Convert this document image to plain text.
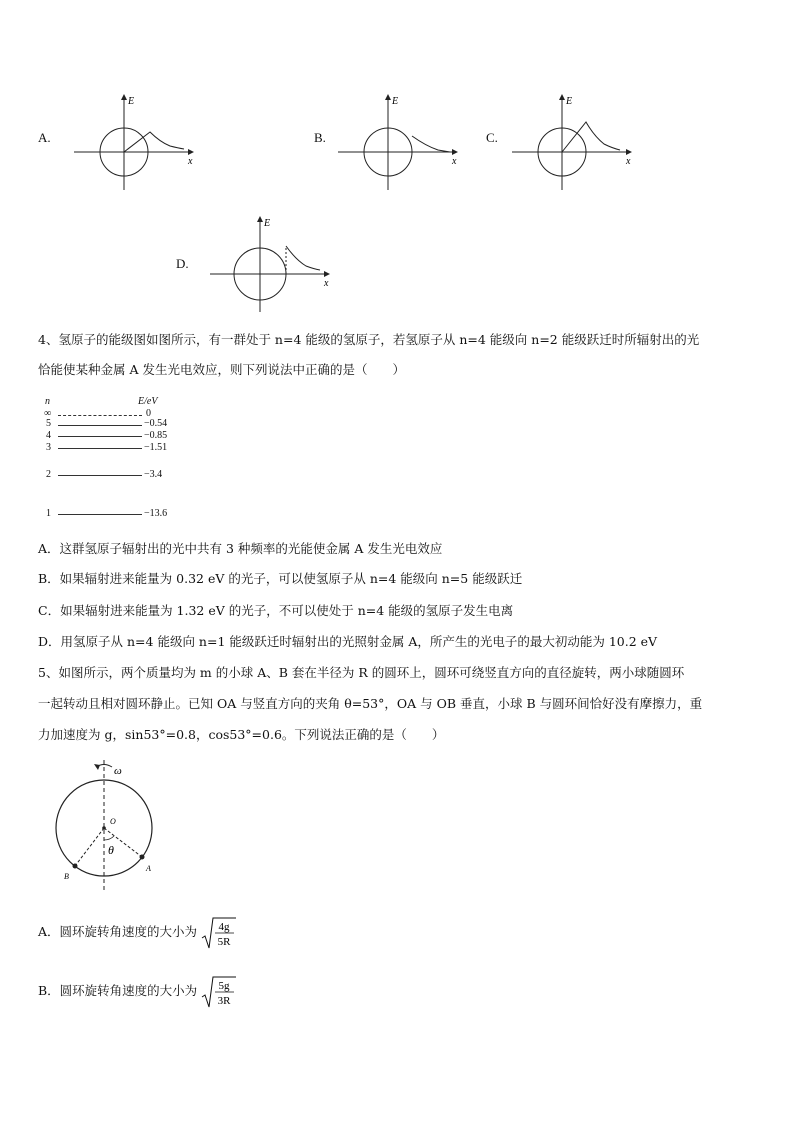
A.
E
x
B.
E
x
C.
E
x
D.
E
x
4、氢原子的能级图如图所示，有一群处于 n=4 能级的氢原子，若氢原子从 n=4 能级向 n=2 能级跃迁时所辐射出的光
恰能使某种金属 A 发生光电效应，则下列说法中正确的是（　　）
n	E/eV
∞	0
5	−0.54
4	−0.85
3	−1.51
2	−3.4
1	−13.6
A．这群氢原子辐射出的光中共有 3 种频率的光能使金属 A 发生光电效应
B．如果辐射进来能量为 0.32 eV 的光子，可以使氢原子从 n=4 能级向 n=5 能级跃迁
C．如果辐射进来能量为 1.32 eV 的光子，不可以使处于 n=4 能级的氢原子发生电离
D．用氢原子从 n=4 能级向 n=1 能级跃迁时辐射出的光照射金属 A，所产生的光电子的最大初动能为 10.2 eV
5、如图所示，两个质量均为 m 的小球 A、B 套在半径为 R 的圆环上，圆环可绕竖直方向的直径旋转，两小球随圆环
一起转动且相对圆环静止。已知 OA 与竖直方向的夹角 θ=53°，OA 与 OB 垂直，小球 B 与圆环间恰好没有摩擦力，重
力加速度为 g，sin53°=0.8，cos53°=0.6。下列说法正确的是（　　）
ω
O
θ
A
B
A．圆环旋转角速度的大小为 4g
5R
B．圆环旋转角速度的大小为 5g
3R
